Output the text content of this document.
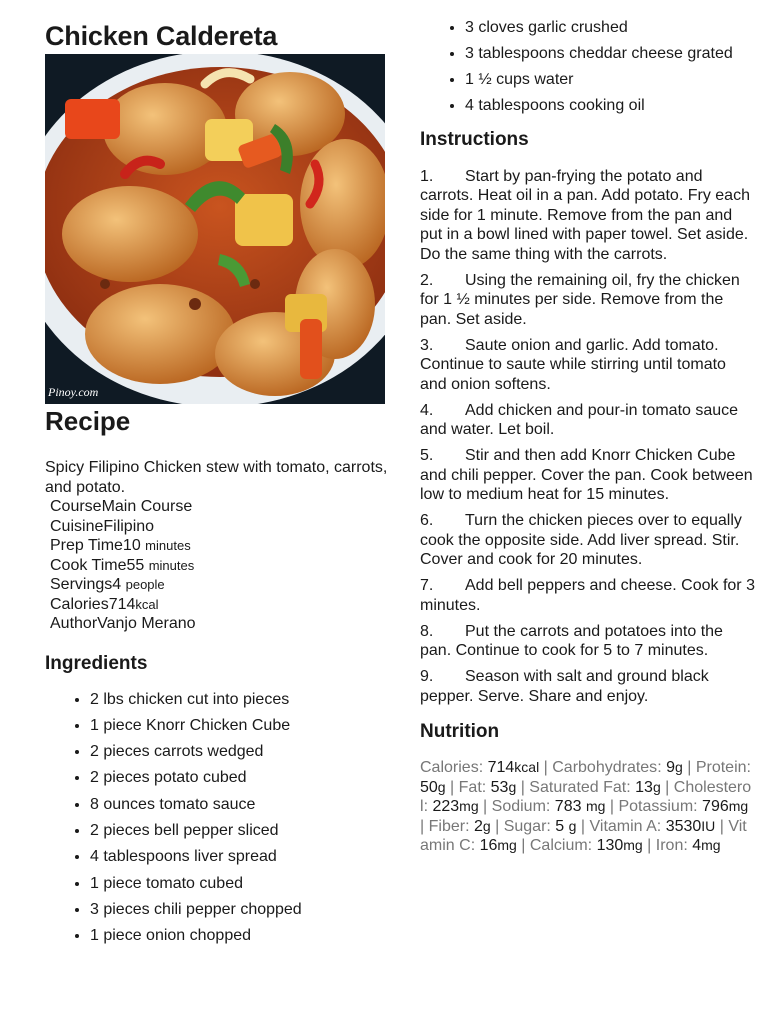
Chicken Caldereta
Pinoy.com
Recipe
Spicy Filipino Chicken stew with tomato, carrots, and potato.
CourseMain Course
CuisineFilipino
Prep Time10 minutes
Cook Time55 minutes
Servings4 people
Calories714kcal
AuthorVanjo Merano
Ingredients
• 2 lbs chicken cut into pieces
• 1 piece Knorr Chicken Cube
• 2 pieces carrots wedged
• 2 pieces potato cubed
• 8 ounces tomato sauce
• 2 pieces bell pepper sliced
• 4 tablespoons liver spread
• 1 piece tomato cubed
• 3 pieces chili pepper chopped
• 1 piece onion chopped
• 3 cloves garlic crushed
• 3 tablespoons cheddar cheese grated
• 1 ½ cups water
• 4 tablespoons cooking oil
Instructions
1. Start by pan-frying the potato and carrots. Heat oil in a pan. Add potato. Fry each side for 1 minute. Remove from the pan and put in a bowl lined with paper towel. Set aside. Do the same thing with the carrots.
2. Using the remaining oil, fry the chicken for 1 ½ minutes per side. Remove from the pan. Set aside.
3. Saute onion and garlic. Add tomato. Continue to saute while stirring until tomato and onion softens.
4. Add chicken and pour-in tomato sauce and water. Let boil.
5. Stir and then add Knorr Chicken Cube and chili pepper. Cover the pan. Cook between low to medium heat for 15 minutes.
6. Turn the chicken pieces over to equally cook the opposite side. Add liver spread. Stir. Cover and cook for 20 minutes.
7. Add bell peppers and cheese. Cook for 3 minutes.
8. Put the carrots and potatoes into the pan. Continue to cook for 5 to 7 minutes.
9. Season with salt and ground black pepper. Serve. Share and enjoy.
Nutrition
Calories: 714kcal | Carbohydrates: 9g | Protein: 50g | Fat: 53g | Saturated Fat: 13g | Cholesterol: 223mg | Sodium: 783 mg | Potassium: 796mg | Fiber: 2g | Sugar: 5 g | Vitamin A: 3530IU | Vitamin C: 16mg | Calcium: 130mg | Iron: 4mg
